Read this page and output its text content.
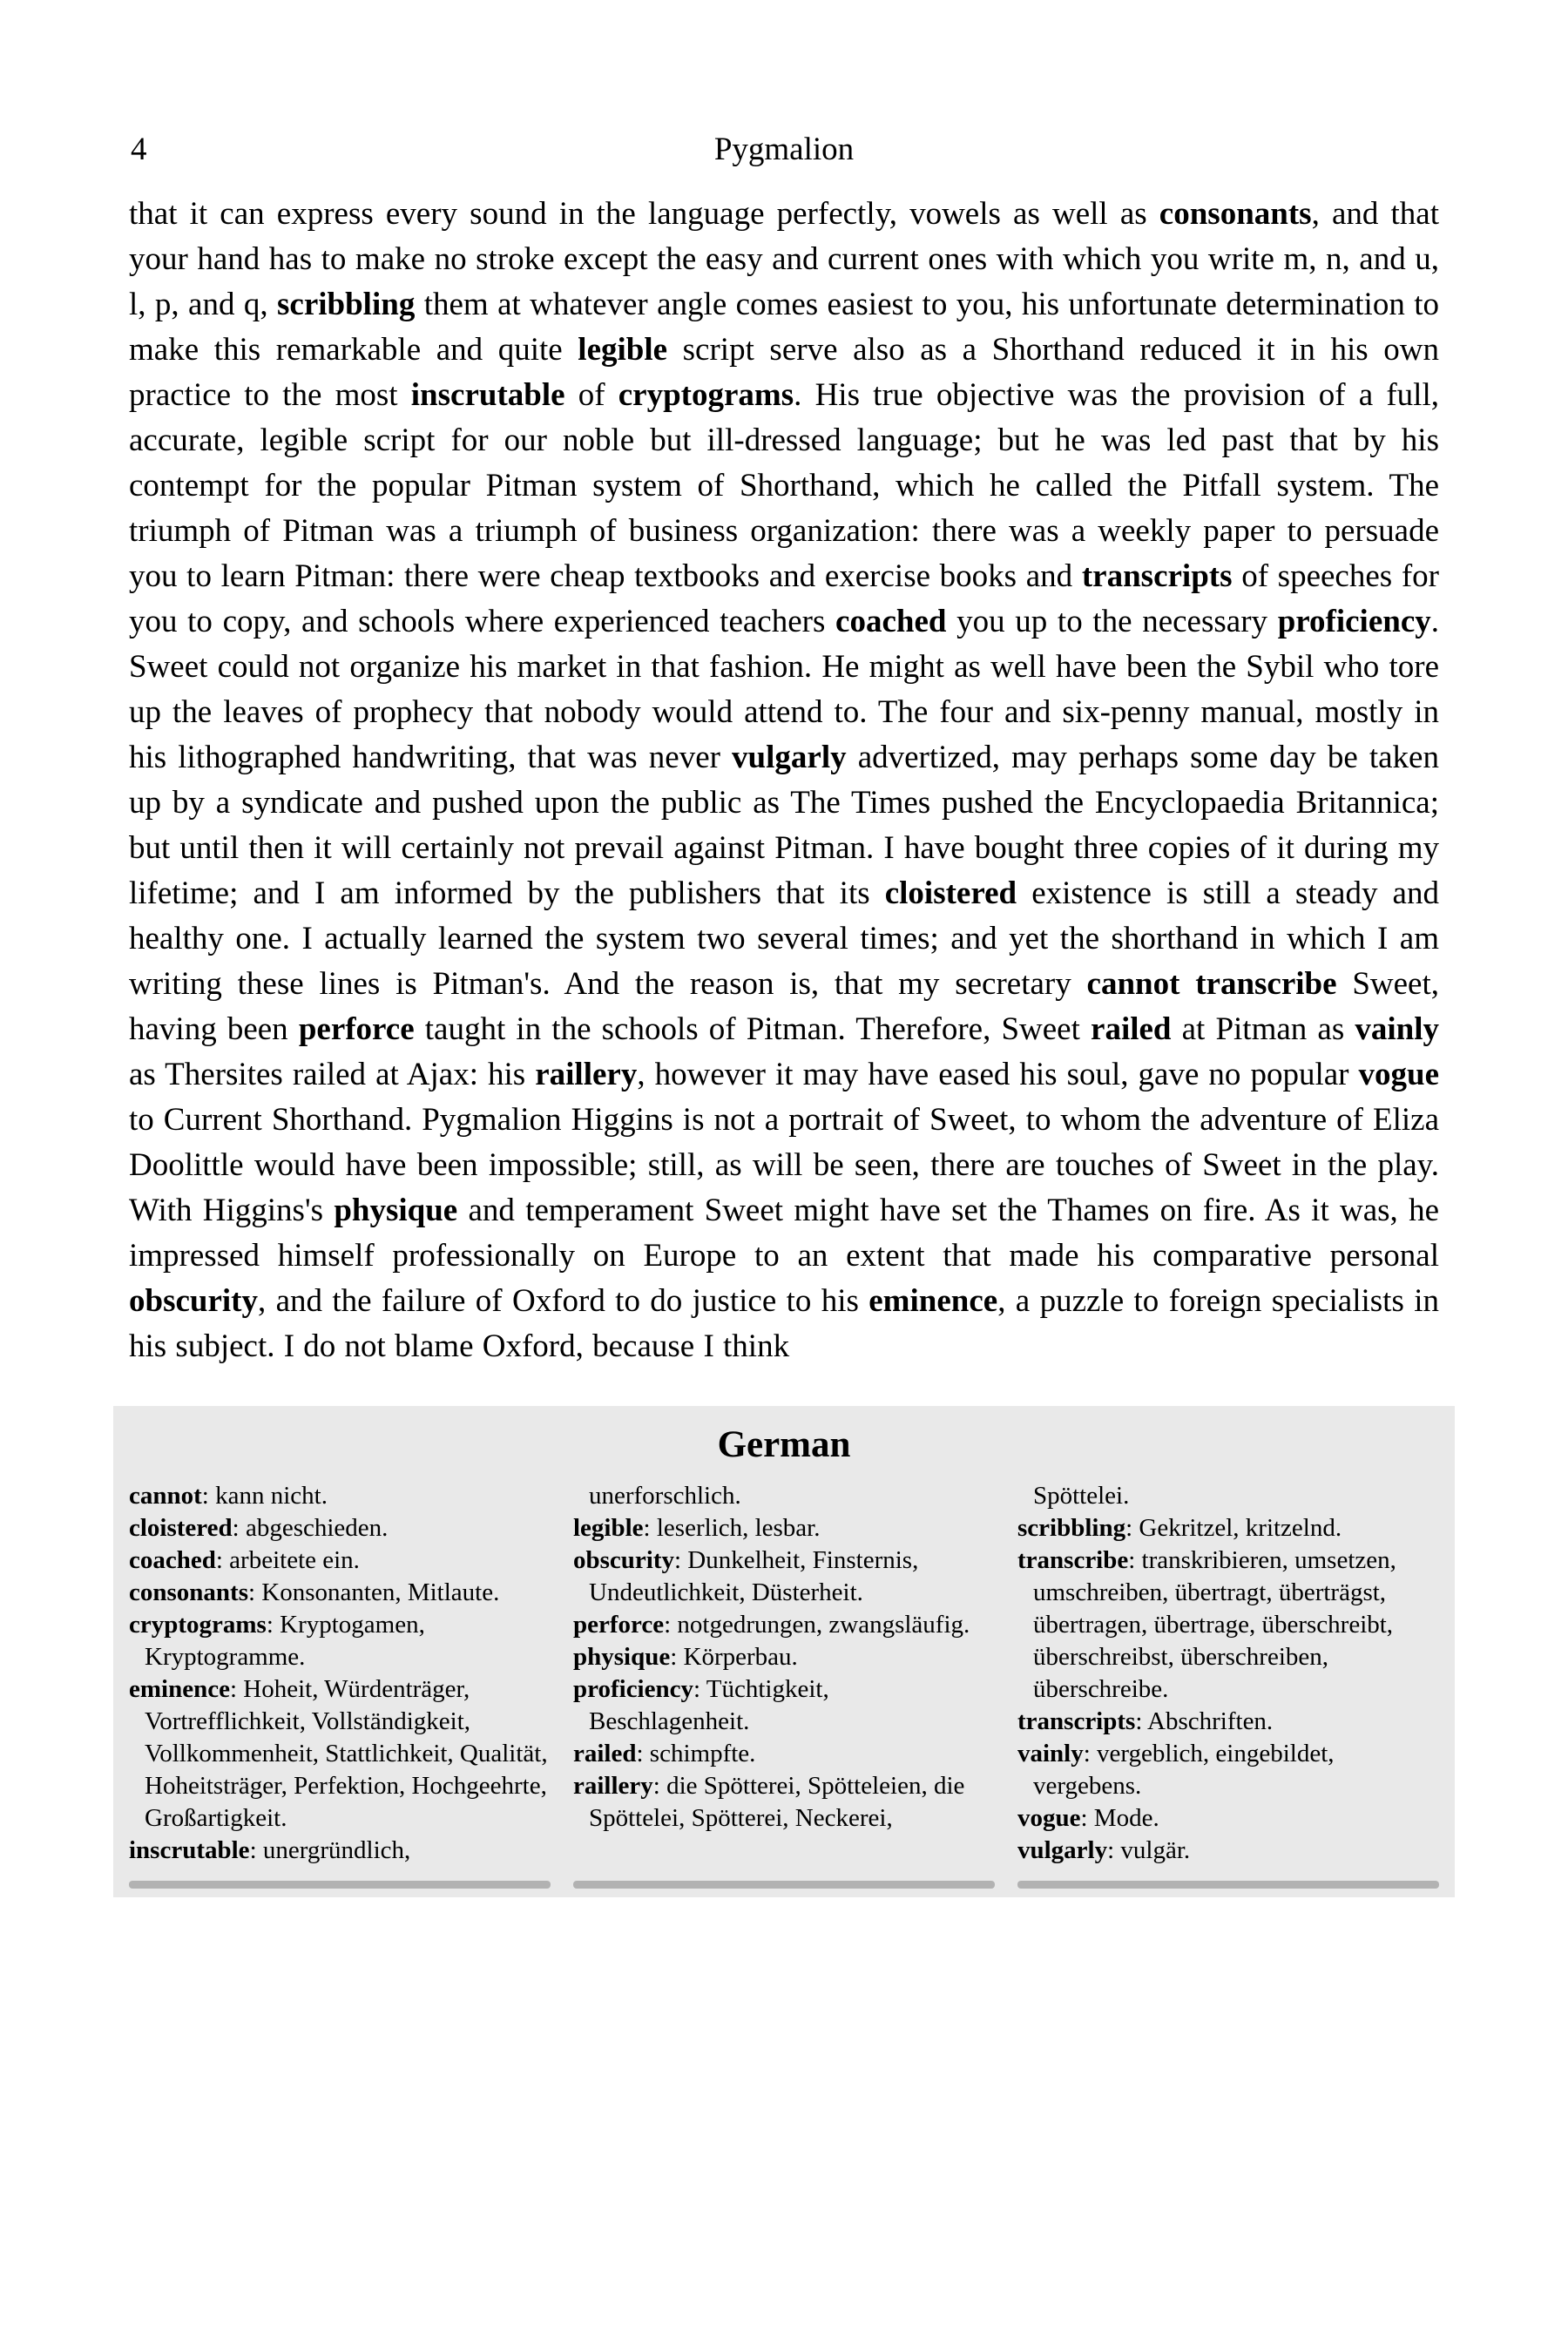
4	Pygmalion
that it can express every sound in the language perfectly, vowels as well as consonants, and that your hand has to make no stroke except the easy and current ones with which you write m, n, and u, l, p, and q, scribbling them at whatever angle comes easiest to you, his unfortunate determination to make this remarkable and quite legible script serve also as a Shorthand reduced it in his own practice to the most inscrutable of cryptograms. His true objective was the provision of a full, accurate, legible script for our noble but ill-dressed language; but he was led past that by his contempt for the popular Pitman system of Shorthand, which he called the Pitfall system. The triumph of Pitman was a triumph of business organization: there was a weekly paper to persuade you to learn Pitman: there were cheap textbooks and exercise books and transcripts of speeches for you to copy, and schools where experienced teachers coached you up to the necessary proficiency. Sweet could not organize his market in that fashion. He might as well have been the Sybil who tore up the leaves of prophecy that nobody would attend to. The four and six-penny manual, mostly in his lithographed handwriting, that was never vulgarly advertized, may perhaps some day be taken up by a syndicate and pushed upon the public as The Times pushed the Encyclopaedia Britannica; but until then it will certainly not prevail against Pitman. I have bought three copies of it during my lifetime; and I am informed by the publishers that its cloistered existence is still a steady and healthy one. I actually learned the system two several times; and yet the shorthand in which I am writing these lines is Pitman's. And the reason is, that my secretary cannot transcribe Sweet, having been perforce taught in the schools of Pitman. Therefore, Sweet railed at Pitman as vainly as Thersites railed at Ajax: his raillery, however it may have eased his soul, gave no popular vogue to Current Shorthand. Pygmalion Higgins is not a portrait of Sweet, to whom the adventure of Eliza Doolittle would have been impossible; still, as will be seen, there are touches of Sweet in the play. With Higgins's physique and temperament Sweet might have set the Thames on fire. As it was, he impressed himself professionally on Europe to an extent that made his comparative personal obscurity, and the failure of Oxford to do justice to his eminence, a puzzle to foreign specialists in his subject. I do not blame Oxford, because I think
German
cannot: kann nicht.
cloistered: abgeschieden.
coached: arbeitete ein.
consonants: Konsonanten, Mitlaute.
cryptograms: Kryptogamen, Kryptogramme.
eminence: Hoheit, Würdenträger, Vortrefflichkeit, Vollständigkeit, Vollkommenheit, Stattlichkeit, Qualität, Hoheitsträger, Perfektion, Hochgeehrte, Großartigkeit.
inscrutable: unergründlich,
unerforschlich.
legible: leserlich, lesbar.
obscurity: Dunkelheit, Finsternis, Undeutlichkeit, Düsterheit.
perforce: notgedrungen, zwangsläufig.
physique: Körperbau.
proficiency: Tüchtigkeit, Beschlagenheit.
railed: schimpfte.
raillery: die Spötterei, Spötteleien, die Spöttelei, Spötterei, Neckerei,
Spöttelei.
scribbling: Gekritzel, kritzelnd.
transcribe: transkribieren, umsetzen, umschreiben, übertragt, überträgst, übertragen, übertrage, überschreibt, überschreibst, überschreiben, überschreibe.
transcripts: Abschriften.
vainly: vergeblich, eingebildet, vergebens.
vogue: Mode.
vulgarly: vulgär.
